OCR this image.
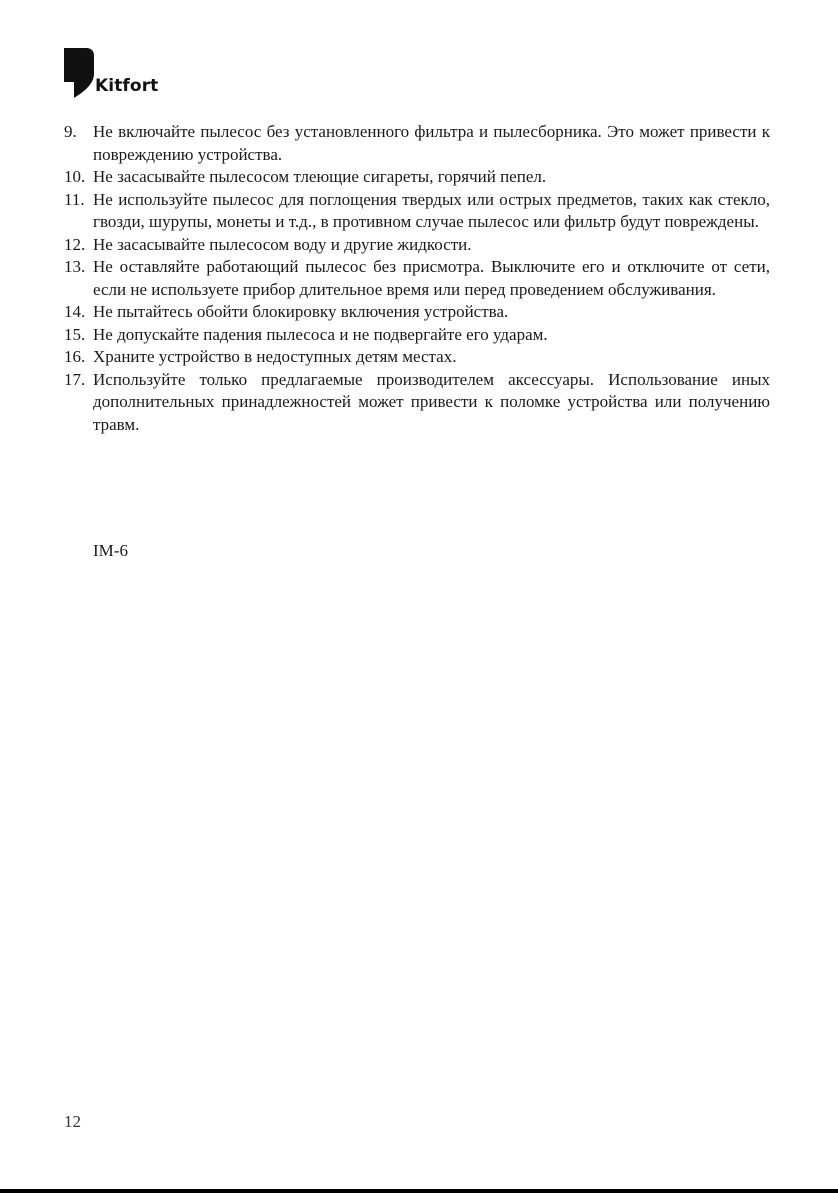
Kitfort
9. Не включайте пылесос без установленного фильтра и пылесборника. Это может привести к повреждению устройства.
10. Не засасывайте пылесосом тлеющие сигареты, горячий пепел.
11. Не используйте пылесос для поглощения твердых или острых предметов, таких как стекло, гвозди, шурупы, монеты и т.д., в противном случае пылесос или фильтр будут повреждены.
12. Не засасывайте пылесосом воду и другие жидкости.
13. Не оставляйте работающий пылесос без присмотра. Выключите его и отключите от сети, если не используете прибор длительное время или перед проведением обслуживания.
14. Не пытайтесь обойти блокировку включения устройства.
15. Не допускайте падения пылесоса и не подвергайте его ударам.
16. Храните устройство в недоступных детям местах.
17. Используйте только предлагаемые производителем аксессуары. Использование иных дополнительных принадлежностей может привести к поломке устройства или получению травм.
IM-6
12
